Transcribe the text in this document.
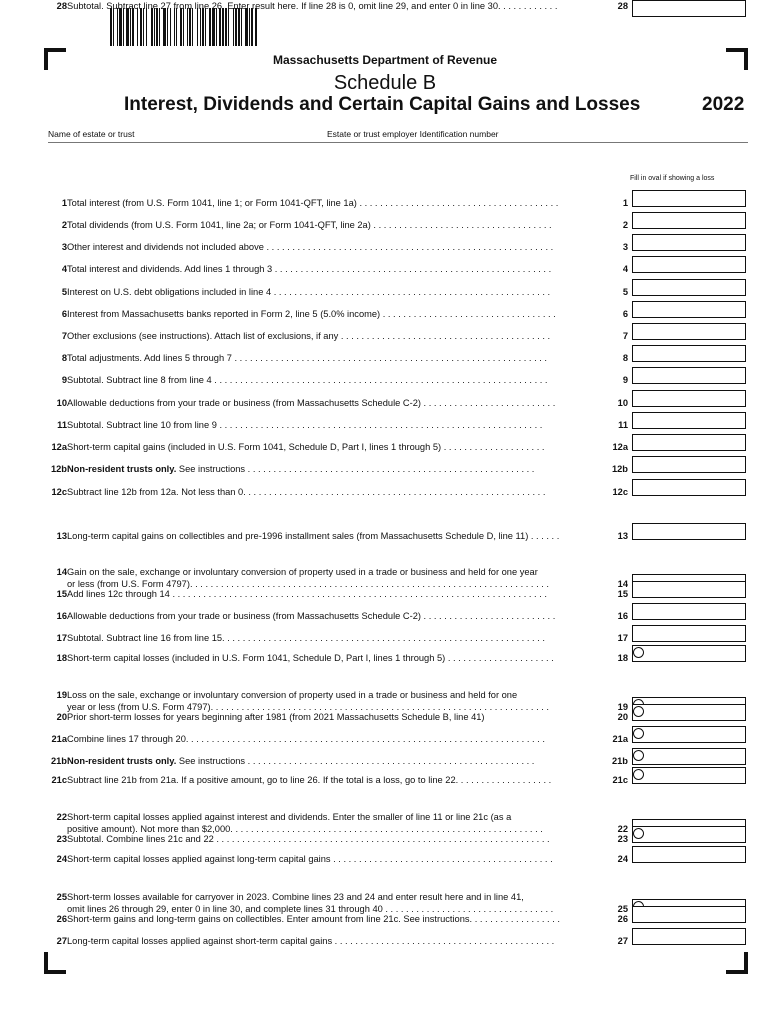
Massachusetts Department of Revenue
Schedule B
Interest, Dividends and Certain Capital Gains and Losses	2022
Name of estate or trust	Estate or trust employer Identification number
Fill in oval if showing a loss
1 Total interest (from U.S. Form 1041, line 1; or Form 1041-QFT, line 1a) . . . . . . . . . . . . . . . . . . . . . . . . . . . . . . . . . . . . . . .	1
2 Total dividends (from U.S. Form 1041, line 2a; or Form 1041-QFT, line 2a) . . . . . . . . . . . . . . . . . . . . . . . . . . . . . . . . . . .	2
3 Other interest and dividends not included above . . . . . . . . . . . . . . . . . . . . . . . . . . . . . . . . . . . . . . . . . . . . . . . . . . . . . . . .	3
4 Total interest and dividends. Add lines 1 through 3 . . . . . . . . . . . . . . . . . . . . . . . . . . . . . . . . . . . . . . . . . . . . . . . . . . . . . .	4
5 Interest on U.S. debt obligations included in line 4 . . . . . . . . . . . . . . . . . . . . . . . . . . . . . . . . . . . . . . . . . . . . . . . . . . . . . .	5
6 Interest from Massachusetts banks reported in Form 2, line 5 (5.0% income) . . . . . . . . . . . . . . . . . . . . . . . . . . . . . . . . . .	6
7 Other exclusions (see instructions). Attach list of exclusions, if any . . . . . . . . . . . . . . . . . . . . . . . . . . . . . . . . . . . . . . . . .	7
8 Total adjustments. Add lines 5 through 7 . . . . . . . . . . . . . . . . . . . . . . . . . . . . . . . . . . . . . . . . . . . . . . . . . . . . . . . . . . . . .	8
9 Subtotal. Subtract line 8 from line 4 . . . . . . . . . . . . . . . . . . . . . . . . . . . . . . . . . . . . . . . . . . . . . . . . . . . . . . . . . . . . . . . . .	9
10 Allowable deductions from your trade or business (from Massachusetts Schedule C-2) . . . . . . . . . . . . . . . . . . . . . . . . . .	10
11 Subtotal. Subtract line 10 from line 9 . . . . . . . . . . . . . . . . . . . . . . . . . . . . . . . . . . . . . . . . . . . . . . . . . . . . . . . . . . . . . . .	11
12a Short-term capital gains (included in U.S. Form 1041, Schedule D, Part I, lines 1 through 5) . . . . . . . . . . . . . . . . . . . .	12a
12b Non-resident trusts only. See instructions . . . . . . . . . . . . . . . . . . . . . . . . . . . . . . . . . . . . . . . . . . . . . . . . . . . . . . . .	12b
12c Subtract line 12b from 12a. Not less than 0. . . . . . . . . . . . . . . . . . . . . . . . . . . . . . . . . . . . . . . . . . . . . . . . . . . . . . . . . . .	12c
13 Long-term capital gains on collectibles and pre-1996 installment sales (from Massachusetts Schedule D, line 11) . . . . . .	13
14 Gain on the sale, exchange or involuntary conversion of property used in a trade or business and held for one year
or less (from U.S. Form 4797). . . . . . . . . . . . . . . . . . . . . . . . . . . . . . . . . . . . . . . . . . . . . . . . . . . . . . . . . . . . . . . . . . . . . .	14
15 Add lines 12c through 14 . . . . . . . . . . . . . . . . . . . . . . . . . . . . . . . . . . . . . . . . . . . . . . . . . . . . . . . . . . . . . . . . . . . . . . . . .	15
16 Allowable deductions from your trade or business (from Massachusetts Schedule C-2) . . . . . . . . . . . . . . . . . . . . . . . . . .	16
17 Subtotal. Subtract line 16 from line 15. . . . . . . . . . . . . . . . . . . . . . . . . . . . . . . . . . . . . . . . . . . . . . . . . . . . . . . . . . . . . . .	17
18 Short-term capital losses (included in U.S. Form 1041, Schedule D, Part I, lines 1 through 5) . . . . . . . . . . . . . . . . . . . . .	18
19 Loss on the sale, exchange or involuntary conversion of property used in a trade or business and held for one
year or less (from U.S. Form 4797). . . . . . . . . . . . . . . . . . . . . . . . . . . . . . . . . . . . . . . . . . . . . . . . . . . . . . . . . . . . . . . . . .	19
20 Prior short-term losses for years beginning after 1981 (from 2021 Massachusetts Schedule B, line 41)	20
21a Combine lines 17 through 20. . . . . . . . . . . . . . . . . . . . . . . . . . . . . . . . . . . . . . . . . . . . . . . . . . . . . . . . . . . . . . . . . . . . . .	21a
21b Non-resident trusts only. See instructions . . . . . . . . . . . . . . . . . . . . . . . . . . . . . . . . . . . . . . . . . . . . . . . . . . . . . . . .	21b
21c Subtract line 21b from 21a. If a positive amount, go to line 26. If the total is a loss, go to line 22. . . . . . . . . . . . . . . . . . .	21c
22 Short-term capital losses applied against interest and dividends. Enter the smaller of line 11 or line 21c (as a
positive amount). Not more than $2,000. . . . . . . . . . . . . . . . . . . . . . . . . . . . . . . . . . . . . . . . . . . . . . . . . . . . . . . . . . . . .	22
23 Subtotal. Combine lines 21c and 22 . . . . . . . . . . . . . . . . . . . . . . . . . . . . . . . . . . . . . . . . . . . . . . . . . . . . . . . . . . . . . . . . .	23
24 Short-term capital losses applied against long-term capital gains . . . . . . . . . . . . . . . . . . . . . . . . . . . . . . . . . . . . . . . . . . .	24
25 Short-term losses available for carryover in 2023. Combine lines 23 and 24 and enter result here and in line 41,
omit lines 26 through 29, enter 0 in line 30, and complete lines 31 through 40 . . . . . . . . . . . . . . . . . . . . . . . . . . . . . . . . .	25
26 Short-term gains and long-term gains on collectibles. Enter amount from line 21c. See instructions. . . . . . . . . . . . . . . . . .	26
27 Long-term capital losses applied against short-term capital gains . . . . . . . . . . . . . . . . . . . . . . . . . . . . . . . . . . . . . . . . . . .	27
28 Subtotal. Subtract line 27 from line 26. Enter result here. If line 28 is 0, omit line 29, and enter 0 in line 30. . . . . . . . . . . .	28
